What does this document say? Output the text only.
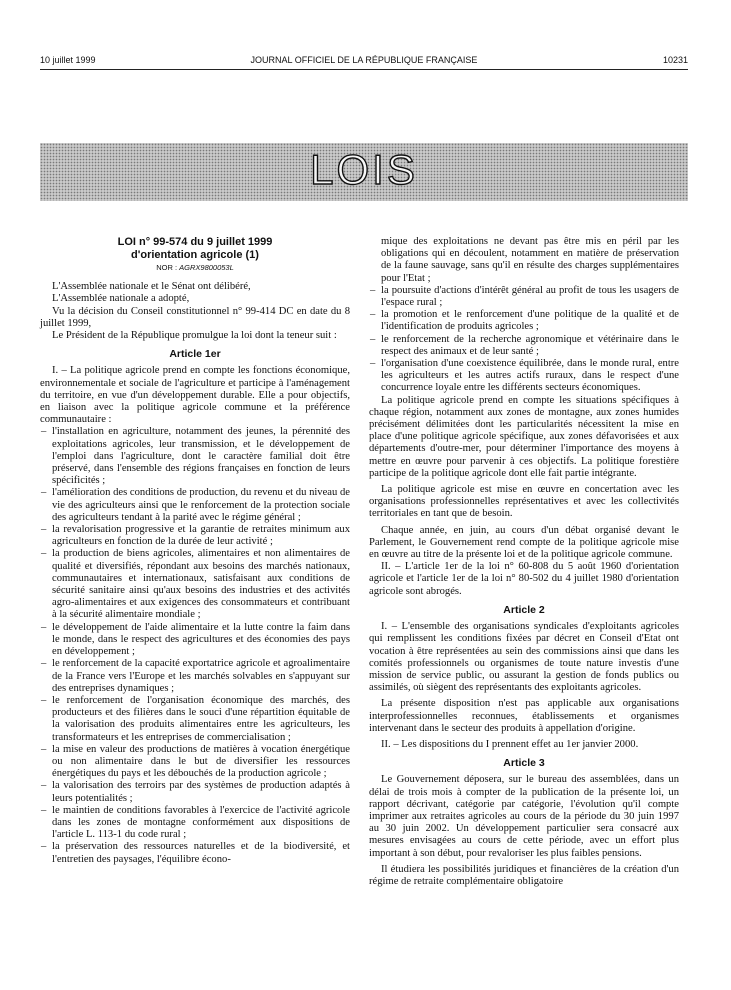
10 juillet 1999	JOURNAL OFFICIEL DE LA RÉPUBLIQUE FRANÇAISE	10231
LOIS
LOI n° 99-574 du 9 juillet 1999
d'orientation agricole (1)
NOR : AGRX9800053L

L'Assemblée nationale et le Sénat ont délibéré,

L'Assemblée nationale a adopté,

Vu la décision du Conseil constitutionnel n° 99-414 DC en date du 8 juillet 1999,

Le Président de la République promulgue la loi dont la teneur suit :

Article 1er

I. – La politique agricole prend en compte les fonctions économique, environnementale et sociale de l'agriculture et participe à l'aménagement du territoire, en vue d'un développement durable. Elle a pour objectifs, en liaison avec la politique agricole commune et la préférence communautaire :

– l'installation en agriculture, notamment des jeunes, la pérennité des exploitations agricoles, leur transmission, et le développement de l'emploi dans l'agriculture, dont le caractère familial doit être préservé, dans l'ensemble des régions françaises en fonction de leurs spécificités ;
– l'amélioration des conditions de production, du revenu et du niveau de vie des agriculteurs ainsi que le renforcement de la protection sociale des agriculteurs tendant à la parité avec le régime général ;
– la revalorisation progressive et la garantie de retraites minimum aux agriculteurs en fonction de la durée de leur activité ;
– la production de biens agricoles, alimentaires et non alimentaires de qualité et diversifiés, répondant aux besoins des marchés nationaux, communautaires et internationaux, satisfaisant aux conditions de sécurité sanitaire ainsi qu'aux besoins des industries et des activités agro-alimentaires et aux exigences des consommateurs et contribuant à la sécurité alimentaire mondiale ;
– le développement de l'aide alimentaire et la lutte contre la faim dans le monde, dans le respect des agricultures et des économies des pays en développement ;
– le renforcement de la capacité exportatrice agricole et agroalimentaire de la France vers l'Europe et les marchés solvables en s'appuyant sur des entreprises dynamiques ;
– le renforcement de l'organisation économique des marchés, des producteurs et des filières dans le souci d'une répartition équitable de la valorisation des produits alimentaires entre les agriculteurs, les transformateurs et les entreprises de commercialisation ;
– la mise en valeur des productions de matières à vocation énergétique ou non alimentaire dans le but de diversifier les ressources énergétiques du pays et les débouchés de la production agricole ;
– la valorisation des terroirs par des systèmes de production adaptés à leurs potentialités ;
– le maintien de conditions favorables à l'exercice de l'activité agricole dans les zones de montagne conformément aux dispositions de l'article L. 113-1 du code rural ;
– la préservation des ressources naturelles et de la biodiversité, et l'entretien des paysages, l'équilibre écono-
mique des exploitations ne devant pas être mis en péril par les obligations qui en découlent, notamment en matière de préservation de la faune sauvage, sans qu'il en résulte des charges supplémentaires pour l'Etat ;
– la poursuite d'actions d'intérêt général au profit de tous les usagers de l'espace rural ;
– la promotion et le renforcement d'une politique de la qualité et de l'identification de produits agricoles ;
– le renforcement de la recherche agronomique et vétérinaire dans le respect des animaux et de leur santé ;
– l'organisation d'une coexistence équilibrée, dans le monde rural, entre les agriculteurs et les autres actifs ruraux, dans le respect d'une concurrence loyale entre les différents secteurs économiques.

La politique agricole prend en compte les situations spécifiques à chaque région, notamment aux zones de montagne, aux zones humides précisément délimitées dont les particularités nécessitent la mise en place d'une politique agricole spécifique, aux zones défavorisées et aux départements d'outre-mer, pour déterminer l'importance des moyens à mettre en œuvre pour parvenir à ces objectifs. La politique forestière participe de la politique agricole dont elle fait partie intégrante.

La politique agricole est mise en œuvre en concertation avec les organisations professionnelles représentatives et avec les collectivités territoriales en tant que de besoin.

Chaque année, en juin, au cours d'un débat organisé devant le Parlement, le Gouvernement rend compte de la politique agricole mise en œuvre au titre de la présente loi et de la politique agricole commune.

II. – L'article 1er de la loi n° 60-808 du 5 août 1960 d'orientation agricole et l'article 1er de la loi n° 80-502 du 4 juillet 1980 d'orientation agricole sont abrogés.

Article 2

I. – L'ensemble des organisations syndicales d'exploitants agricoles qui remplissent les conditions fixées par décret en Conseil d'Etat ont vocation à être représentées au sein des commissions ainsi que dans les comités professionnels ou organismes de toute nature investis d'une mission de service public, ou assurant la gestion de fonds publics ou assimilés, où siègent des représentants des exploitants agricoles.

La présente disposition n'est pas applicable aux organisations interprofessionnelles reconnues, établissements et organismes intervenant dans le secteur des produits à appellation d'origine.

II. – Les dispositions du I prennent effet au 1er janvier 2000.

Article 3

Le Gouvernement déposera, sur le bureau des assemblées, dans un délai de trois mois à compter de la publication de la présente loi, un rapport décrivant, catégorie par catégorie, l'évolution qu'il compte imprimer aux retraites agricoles au cours de la période du 30 juin 1997 au 30 juin 2002. Un développement particulier sera consacré aux mesures envisagées au cours de cette période, avec un effort plus important à son début, pour revaloriser les plus faibles pensions.

Il étudiera les possibilités juridiques et financières de la création d'un régime de retraite complémentaire obligatoire
